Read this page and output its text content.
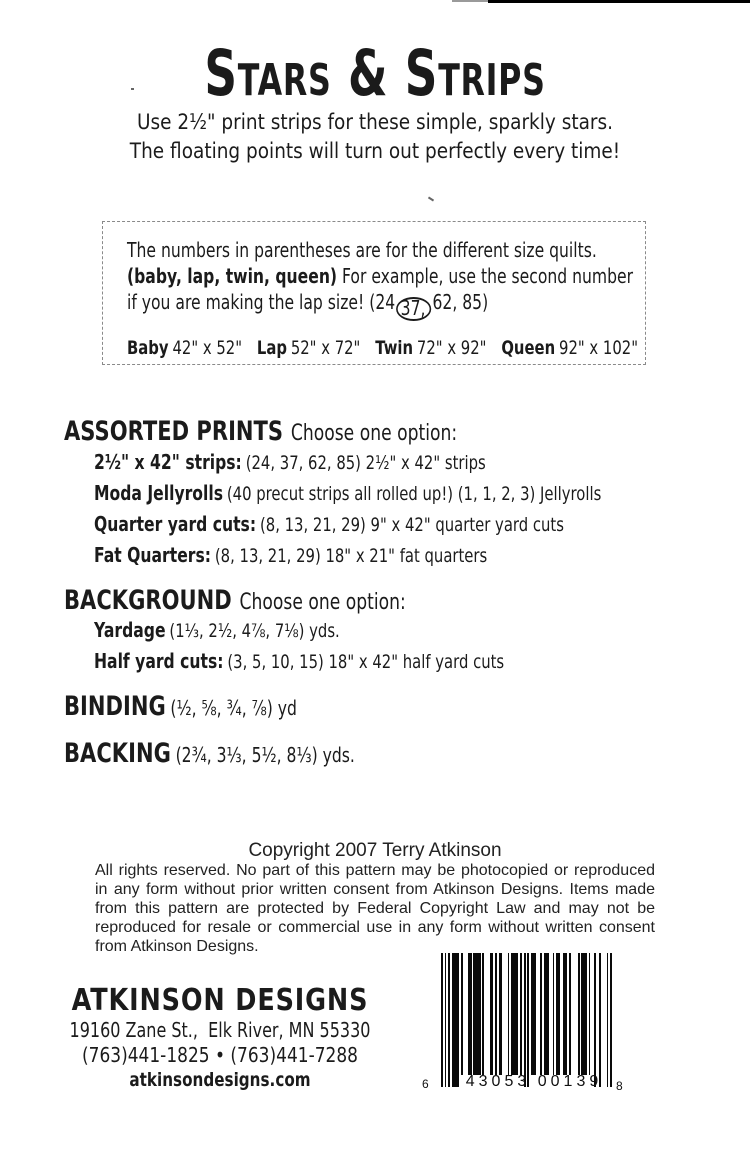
Stars & Strips
Use 2½" print strips for these simple, sparkly stars.
The floating points will turn out perfectly every time!
The numbers in parentheses are for the different size quilts.
(baby, lap, twin, queen) For example, use the second number
if you are making the lap size! (24 37, 62, 85)
Baby 42" x 52" Lap 52" x 72" Twin 72" x 92" Queen 92" x 102"
ASSORTED PRINTS Choose one option:
2½" x 42" strips: (24, 37, 62, 85) 2½" x 42" strips
Moda Jellyrolls (40 precut strips all rolled up!) (1, 1, 2, 3) Jellyrolls
Quarter yard cuts: (8, 13, 21, 29) 9" x 42" quarter yard cuts
Fat Quarters: (8, 13, 21, 29) 18" x 21" fat quarters
BACKGROUND Choose one option:
Yardage (1⅓, 2½, 4⅞, 7⅛) yds.
Half yard cuts: (3, 5, 10, 15) 18" x 42" half yard cuts
BINDING (½, ⅝, ¾, ⅞) yd
BACKING (2¾, 3⅓, 5½, 8⅓) yds.
Copyright 2007 Terry Atkinson
All rights reserved. No part of this pattern may be photocopied or reproduced in any form without prior written consent from Atkinson Designs. Items made from this pattern are protected by Federal Copyright Law and may not be reproduced for resale or commercial use in any form without written consent from Atkinson Designs.
ATKINSON DESIGNS
19160 Zane St.,  Elk River, MN 55330
(763)441-1825 • (763)441-7288
atkinsondesigns.com	6 43053 00139	8
